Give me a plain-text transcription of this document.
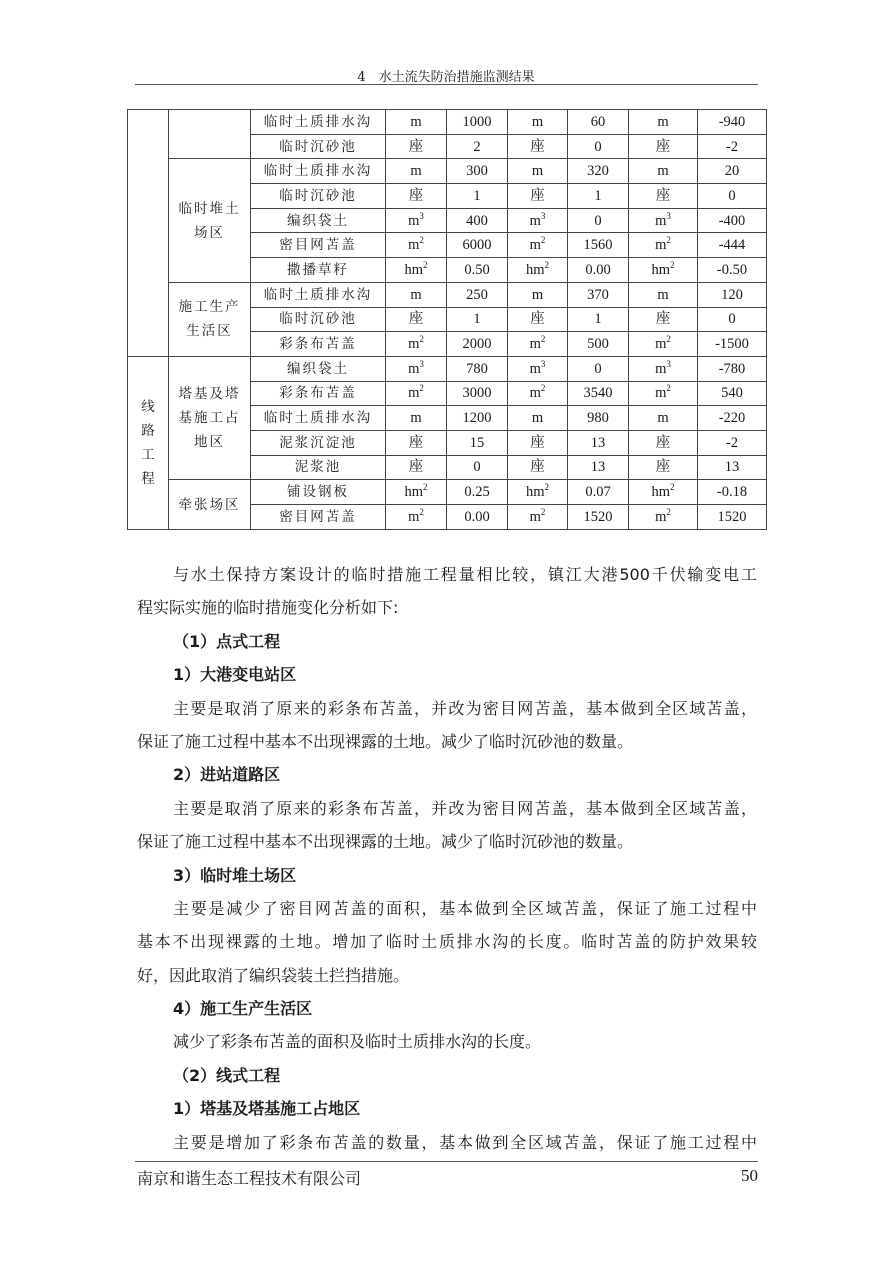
4　水土流失防治措施监测结果
		临时土质排水沟	m	1000	m	60	m	-940
		临时沉砂池	座	2	座	0	座	-2
	临时堆土场区	临时土质排水沟	m	300	m	320	m	20
		临时沉砂池	座	1	座	1	座	0
		编织袋土	$m^3$	400	$m^3$	0	$m^3$	-400
		密目网苫盖	$m^2$	6000	$m^2$	1560	$m^2$	-444
		撒播草籽	$hm^2$	0.50	$hm^2$	0.00	$hm^2$	-0.50
	施工生产生活区	临时土质排水沟	m	250	m	370	m	120
		临时沉砂池	座	1	座	1	座	0
		彩条布苫盖	$m^2$	2000	$m^2$	500	$m^2$	-1500
线路工程	塔基及塔基施工占地区	编织袋土	$m^3$	780	$m^3$	0	$m^3$	-780
		彩条布苫盖	$m^2$	3000	$m^2$	3540	$m^2$	540
		临时土质排水沟	m	1200	m	980	m	-220
		泥浆沉淀池	座	15	座	13	座	-2
		泥浆池	座	0	座	13	座	13
	牵张场区	铺设钢板	$hm^2$	0.25	$hm^2$	0.07	$hm^2$	-0.18
		密目网苫盖	$m^2$	0.00	$m^2$	1520	$m^2$	1520
与水土保持方案设计的临时措施工程量相比较，镇江大港500千伏输变电工
程实际实施的临时措施变化分析如下:
（1）点式工程
1）大港变电站区
主要是取消了原来的彩条布苫盖，并改为密目网苫盖，基本做到全区域苫盖，
保证了施工过程中基本不出现裸露的土地。减少了临时沉砂池的数量。
2）进站道路区
主要是取消了原来的彩条布苫盖，并改为密目网苫盖，基本做到全区域苫盖，
保证了施工过程中基本不出现裸露的土地。减少了临时沉砂池的数量。
3）临时堆土场区
主要是减少了密目网苫盖的面积，基本做到全区域苫盖，保证了施工过程中
基本不出现裸露的土地。增加了临时土质排水沟的长度。临时苫盖的防护效果较
好，因此取消了编织袋装土拦挡措施。
4）施工生产生活区
减少了彩条布苫盖的面积及临时土质排水沟的长度。
（2）线式工程
1）塔基及塔基施工占地区
主要是增加了彩条布苫盖的数量，基本做到全区域苫盖，保证了施工过程中
南京和谐生态工程技术有限公司	50
